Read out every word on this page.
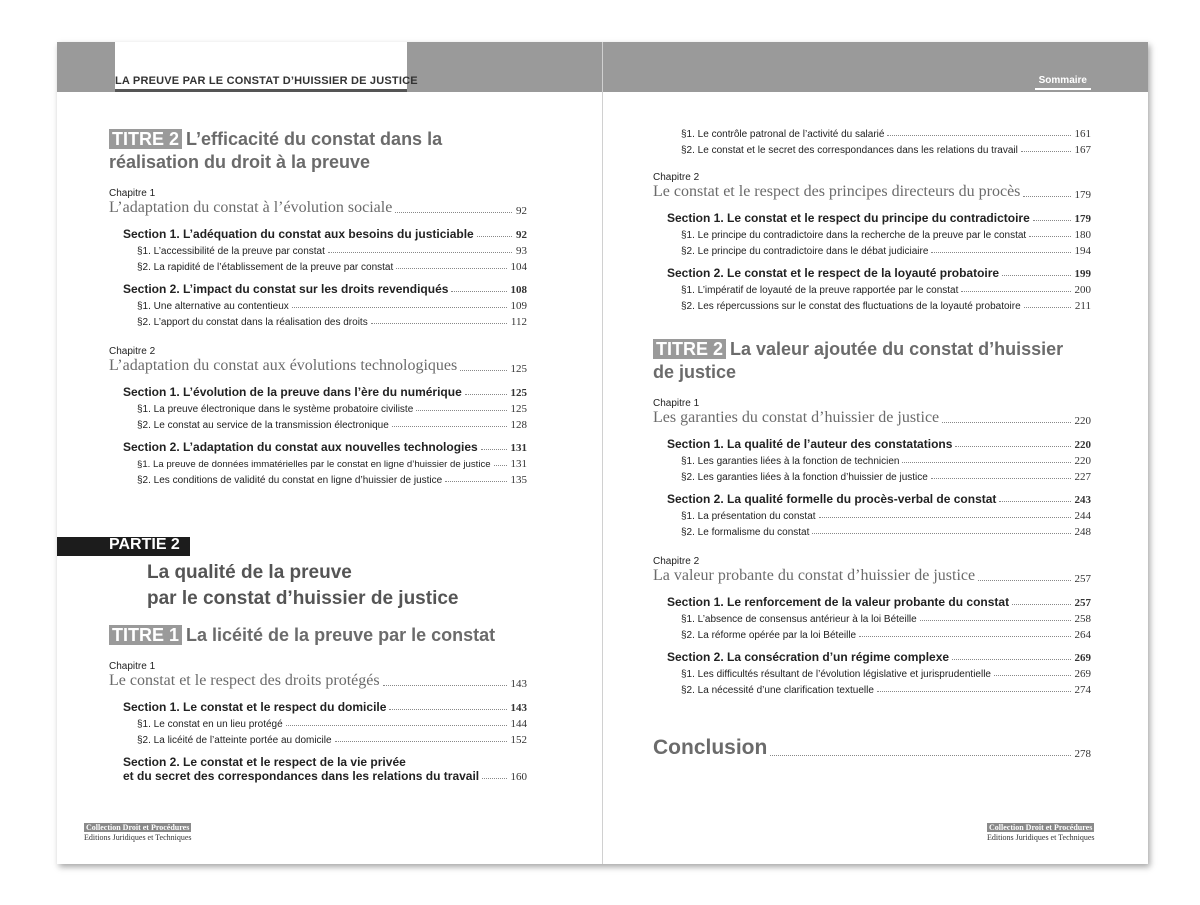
LA PREUVE PAR LE CONSTAT D’HUISSIER DE JUSTICE	Sommaire
TITRE 2 L’efficacité du constat dans la réalisation du droit à la preuve
Chapitre 1
L’adaptation du constat à l’évolution sociale	92
Section 1. L’adéquation du constat aux besoins du justiciable	92
§1. L’accessibilité de la preuve par constat	93
§2. La rapidité de l’établissement de la preuve par constat	104
Section 2. L’impact du constat sur les droits revendiqués	108
§1. Une alternative au contentieux	109
§2. L’apport du constat dans la réalisation des droits	112
Chapitre 2
L’adaptation du constat aux évolutions technologiques	125
Section 1. L’évolution de la preuve dans l’ère du numérique	125
§1. La preuve électronique dans le système probatoire civiliste	125
§2. Le constat au service de la transmission électronique	128
Section 2. L’adaptation du constat aux nouvelles technologies	131
§1. La preuve de données immatérielles par le constat en ligne d’huissier de justice 131
§2. Les conditions de validité du constat en ligne d’huissier de justice	135
PARTIE 2
La qualité de la preuve
par le constat d’huissier de justice
TITRE 1 La licéité de la preuve par le constat
Chapitre 1
Le constat et le respect des droits protégés	143
Section 1. Le constat et le respect du domicile	143
§1. Le constat en un lieu protégé	144
§2. La licéité de l’atteinte portée au domicile	152
Section 2. Le constat et le respect de la vie privée
et du secret des correspondances dans les relations du travail	160
Collection Droit et Procédures
Editions Juridiques et Techniques
§1. Le contrôle patronal de l’activité du salarié	161
§2. Le constat et le secret des correspondances dans les relations du travail	167
Chapitre 2
Le constat et le respect des principes directeurs du procès	179
Section 1. Le constat et le respect du principe du contradictoire	179
§1. Le principe du contradictoire dans la recherche de la preuve par le constat	180
§2. Le principe du contradictoire dans le débat judiciaire	194
Section 2. Le constat et le respect de la loyauté probatoire	199
§1. L’impératif de loyauté de la preuve rapportée par le constat	200
§2. Les répercussions sur le constat des fluctuations de la loyauté probatoire	211
TITRE 2 La valeur ajoutée du constat d’huissier
de justice
Chapitre 1
Les garanties du constat d’huissier de justice	220
Section 1. La qualité de l’auteur des constatations	220
§1. Les garanties liées à la fonction de technicien	220
§2. Les garanties liées à la fonction d’huissier de justice	227
Section 2. La qualité formelle du procès-verbal de constat	243
§1. La présentation du constat	244
§2. Le formalisme du constat	248
Chapitre 2
La valeur probante du constat d’huissier de justice	257
Section 1. Le renforcement de la valeur probante du constat	257
§1. L’absence de consensus antérieur à la loi Béteille	258
§2. La réforme opérée par la loi Béteille	264
Section 2. La consécration d’un régime complexe	269
§1. Les difficultés résultant de l’évolution législative et jurisprudentielle	269
§2. La nécessité d’une clarification textuelle	274
Conclusion	278
Collection Droit et Procédures
Editions Juridiques et Techniques
